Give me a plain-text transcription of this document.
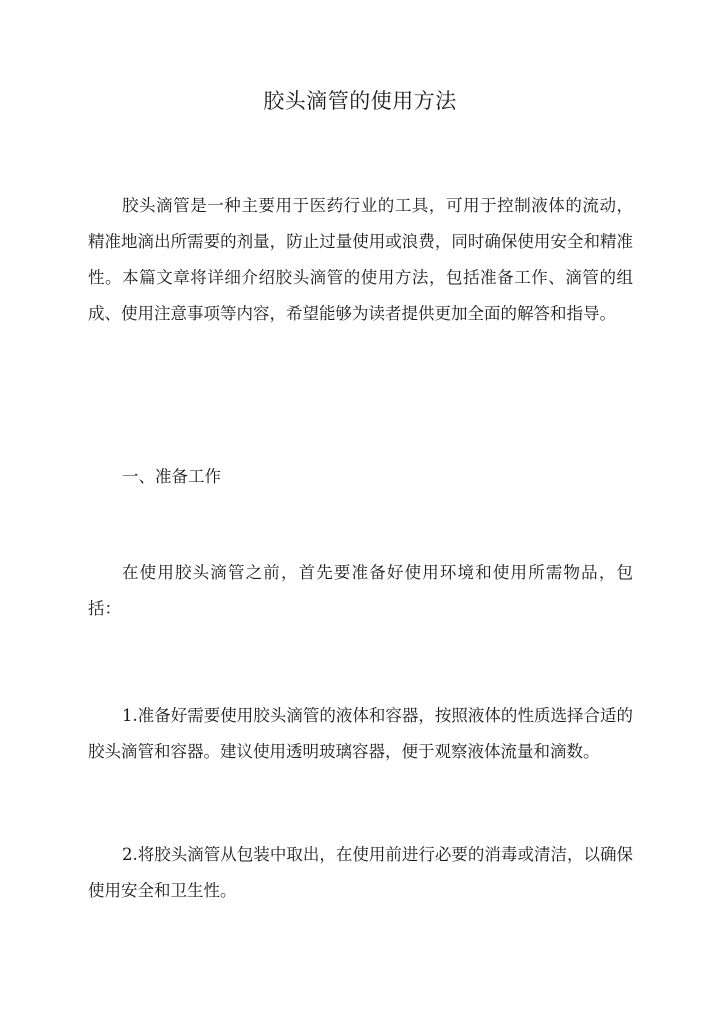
胶头滴管的使用方法

胶头滴管是一种主要用于医药行业的工具，可用于控制液体的流动，精准地滴出所需要的剂量，防止过量使用或浪费，同时确保使用安全和精准性。本篇文章将详细介绍胶头滴管的使用方法，包括准备工作、滴管的组成、使用注意事项等内容，希望能够为读者提供更加全面的解答和指导。

一、准备工作

在使用胶头滴管之前，首先要准备好使用环境和使用所需物品，包括：

1.准备好需要使用胶头滴管的液体和容器，按照液体的性质选择合适的胶头滴管和容器。建议使用透明玻璃容器，便于观察液体流量和滴数。

2.将胶头滴管从包装中取出，在使用前进行必要的消毒或清洁，以确保使用安全和卫生性。
